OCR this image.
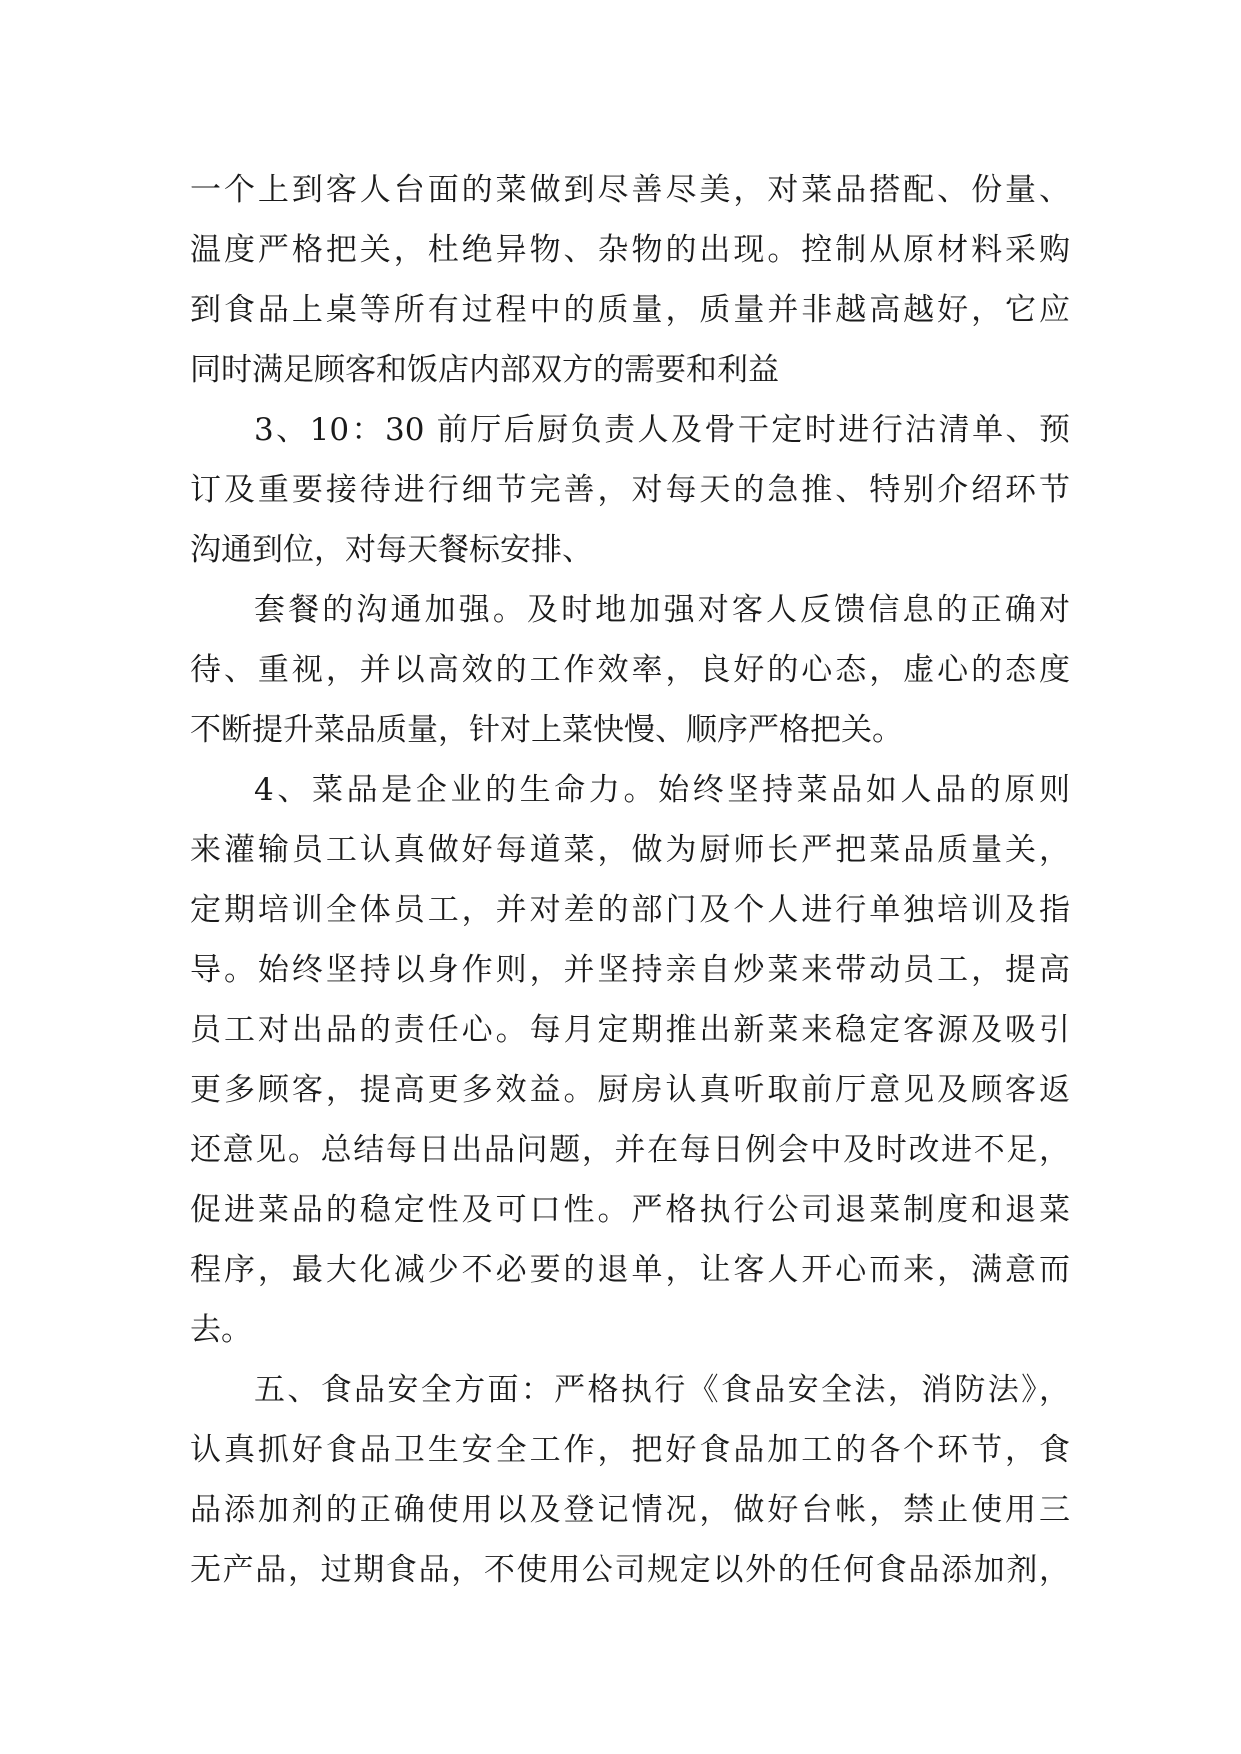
一个上到客人台面的菜做到尽善尽美，对菜品搭配、份量、
温度严格把关，杜绝异物、杂物的出现。控制从原材料采购
到食品上桌等所有过程中的质量，质量并非越高越好，它应
同时满足顾客和饭店内部双方的需要和利益
3、10：30 前厅后厨负责人及骨干定时进行沽清单、预
订及重要接待进行细节完善，对每天的急推、特别介绍环节
沟通到位，对每天餐标安排、
套餐的沟通加强。及时地加强对客人反馈信息的正确对
待、重视，并以高效的工作效率，良好的心态，虚心的态度
不断提升菜品质量，针对上菜快慢、顺序严格把关。
4、菜品是企业的生命力。始终坚持菜品如人品的原则
来灌输员工认真做好每道菜，做为厨师长严把菜品质量关，
定期培训全体员工，并对差的部门及个人进行单独培训及指
导。始终坚持以身作则，并坚持亲自炒菜来带动员工，提高
员工对出品的责任心。每月定期推出新菜来稳定客源及吸引
更多顾客，提高更多效益。厨房认真听取前厅意见及顾客返
还意见。总结每日出品问题，并在每日例会中及时改进不足，
促进菜品的稳定性及可口性。严格执行公司退菜制度和退菜
程序，最大化减少不必要的退单，让客人开心而来，满意而
去。
五、食品安全方面：严格执行《食品安全法，消防法》，
认真抓好食品卫生安全工作，把好食品加工的各个环节，食
品添加剂的正确使用以及登记情况，做好台帐，禁止使用三
无产品，过期食品，不使用公司规定以外的任何食品添加剂，
